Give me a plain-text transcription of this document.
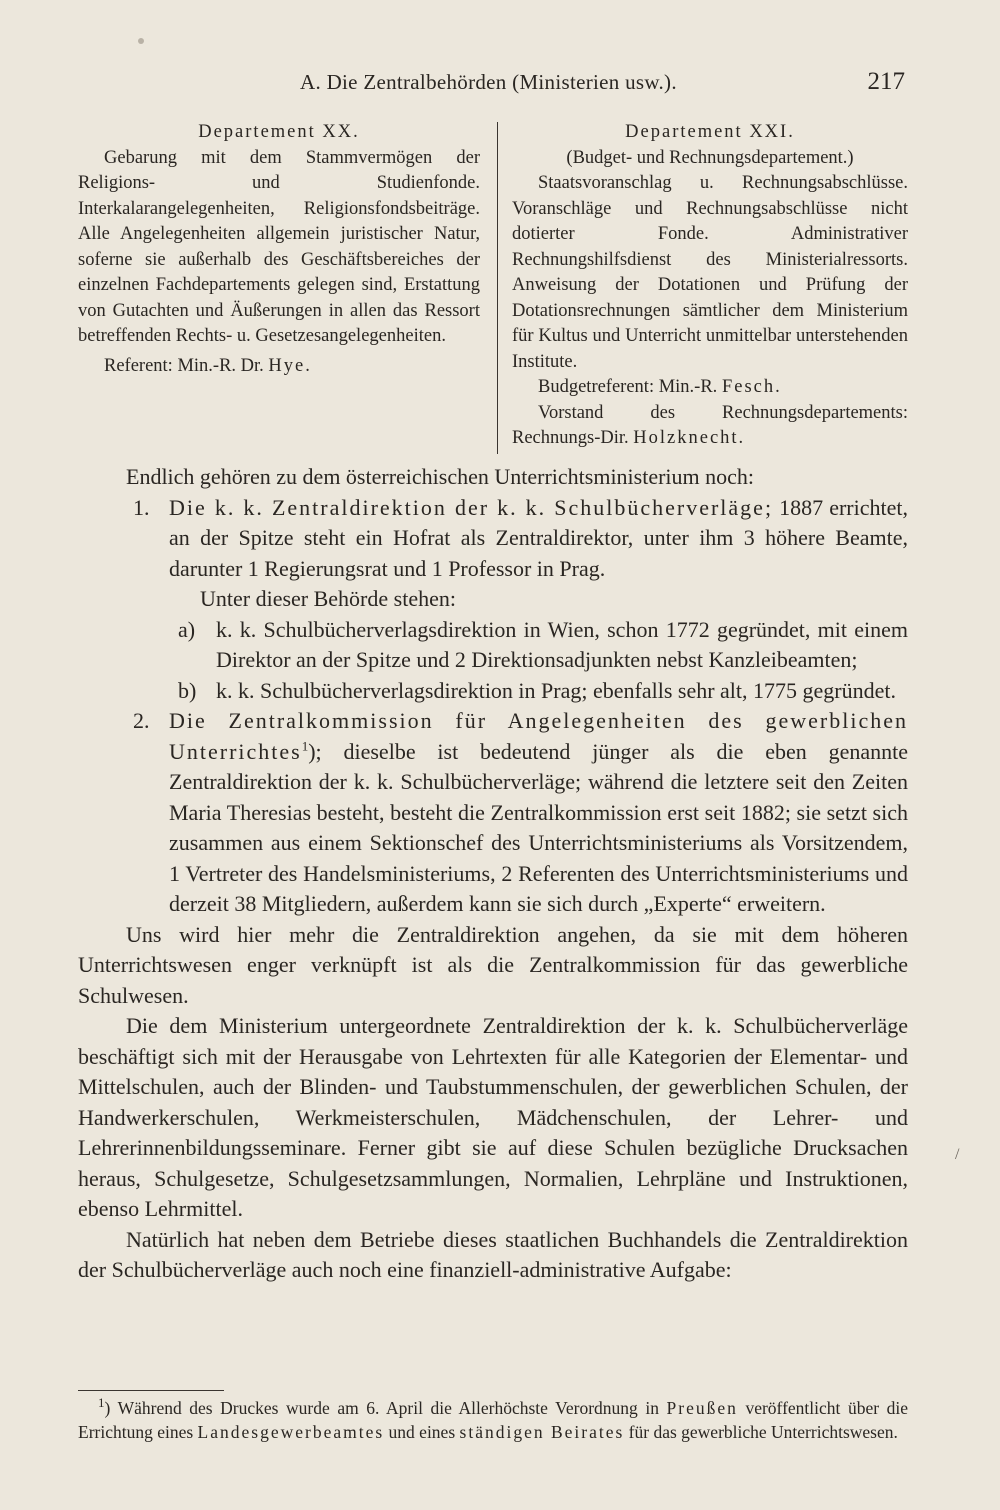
A. Die Zentralbehörden (Ministerien usw.).	217
Departement XX.

Gebarung mit dem Stammvermögen der Religions- und Studienfonde. Interkalarangelegenheiten, Religionsfondsbeiträge. Alle Angelegenheiten allgemein juristischer Natur, soferne sie außerhalb des Geschäftsbereiches der einzelnen Fachdepartements gelegen sind, Erstattung von Gutachten und Äußerungen in allen das Ressort betreffenden Rechts- u. Gesetzesangelegenheiten.

Referent: Min.-R. Dr. Hye.

Departement XXI.
(Budget- und Rechnungsdepartement.)

Staatsvoranschlag u. Rechnungsabschlüsse. Voranschläge und Rechnungsabschlüsse nicht dotierter Fonde. Administrativer Rechnungshilfsdienst des Ministerialressorts. Anweisung der Dotationen und Prüfung der Dotationsrechnungen sämtlicher dem Ministerium für Kultus und Unterricht unmittelbar unterstehenden Institute.

Budgetreferent: Min.-R. Fesch.

Vorstand des Rechnungsdepartements: Rechnungs-Dir. Holzknecht.

Endlich gehören zu dem österreichischen Unterrichtsministerium noch:

1. Die k. k. Zentraldirektion der k. k. Schulbücherverläge; 1887 errichtet, an der Spitze steht ein Hofrat als Zentraldirektor, unter ihm 3 höhere Beamte, darunter 1 Regierungsrat und 1 Professor in Prag.

Unter dieser Behörde stehen:

a) k. k. Schulbücherverlagsdirektion in Wien, schon 1772 gegründet, mit einem Direktor an der Spitze und 2 Direktionsadjunkten nebst Kanzleibeamten;
b) k. k. Schulbücherverlagsdirektion in Prag; ebenfalls sehr alt, 1775 gegründet.
2. Die Zentralkommission für Angelegenheiten des gewerblichen Unterrichtes$^1$); dieselbe ist bedeutend jünger als die eben genannte Zentraldirektion der k. k. Schulbücherverläge; während die letztere seit den Zeiten Maria Theresias besteht, besteht die Zentralkommission erst seit 1882; sie setzt sich zusammen aus einem Sektionschef des Unterrichtsministeriums als Vorsitzendem, 1 Vertreter des Handelsministeriums, 2 Referenten des Unterrichtsministeriums und derzeit 38 Mitgliedern, außerdem kann sie sich durch „Experte“ erweitern.

Uns wird hier mehr die Zentraldirektion angehen, da sie mit dem höheren Unterrichtswesen enger verknüpft ist als die Zentralkommission für das gewerbliche Schulwesen.

Die dem Ministerium untergeordnete Zentraldirektion der k. k. Schulbücherverläge beschäftigt sich mit der Herausgabe von Lehrtexten für alle Kategorien der Elementar- und Mittelschulen, auch der Blinden- und Taubstummenschulen, der gewerblichen Schulen, der Handwerkerschulen, Werkmeisterschulen, Mädchenschulen, der Lehrer- und Lehrerinnenbildungsseminare. Ferner gibt sie auf diese Schulen bezügliche Drucksachen heraus, Schulgesetze, Schulgesetzsammlungen, Normalien, Lehrpläne und Instruktionen, ebenso Lehrmittel.

Natürlich hat neben dem Betriebe dieses staatlichen Buchhandels die Zentraldirektion der Schulbücherverläge auch noch eine finanziell-administrative Aufgabe:

/

$^1$) Während des Druckes wurde am 6. April die Allerhöchste Verordnung in Preußen veröffentlicht über die Errichtung eines Landesgewerbeamtes und eines ständigen Beirates für das gewerbliche Unterrichtswesen.
